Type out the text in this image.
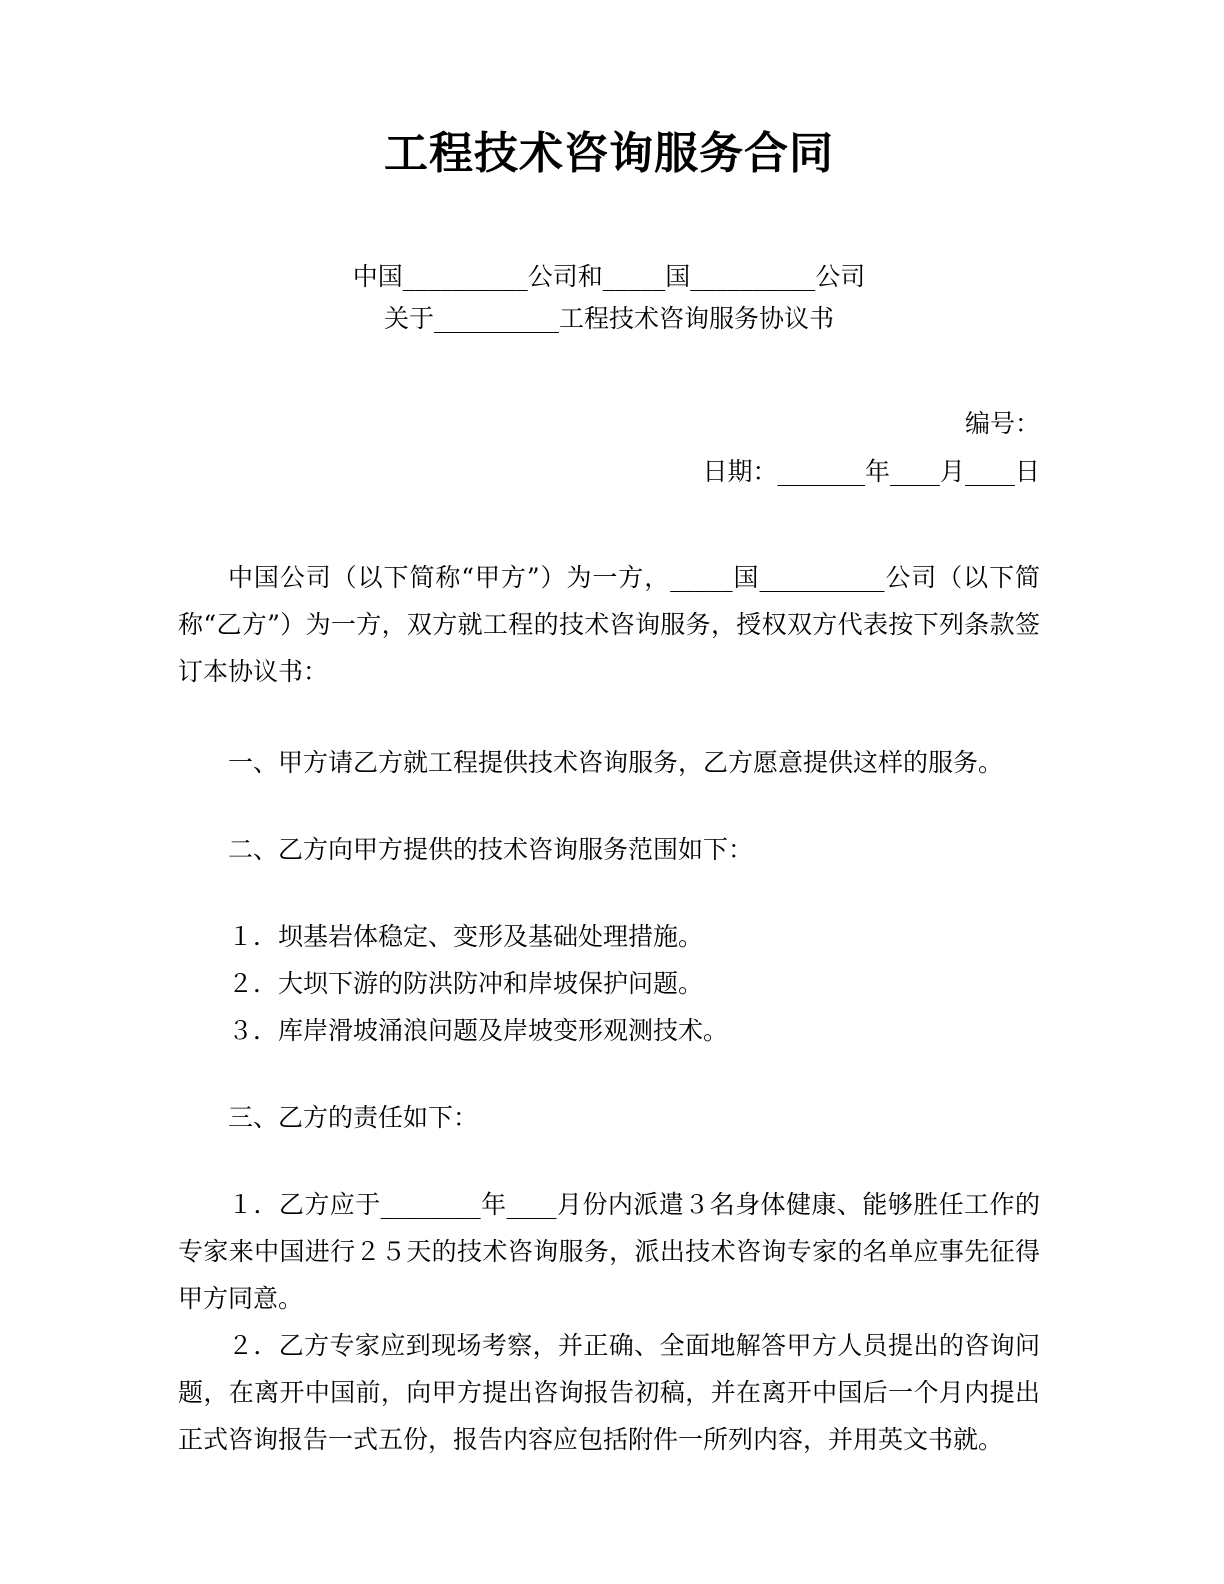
工程技术咨询服务合同
中国__________公司和_____国__________公司
关于__________工程技术咨询服务协议书
编号：
日期：_______年____月____日

中国公司（以下简称“甲方”）为一方，_____国__________公司（以下简称“乙方”）为一方，双方就工程的技术咨询服务，授权双方代表按下列条款签订本协议书：

一、甲方请乙方就工程提供技术咨询服务，乙方愿意提供这样的服务。

二、乙方向甲方提供的技术咨询服务范围如下：

１．坝基岩体稳定、变形及基础处理措施。

２．大坝下游的防洪防冲和岸坡保护问题。

３．库岸滑坡涌浪问题及岸坡变形观测技术。

三、乙方的责任如下：

１．乙方应于________年____月份内派遣３名身体健康、能够胜任工作的专家来中国进行２５天的技术咨询服务，派出技术咨询专家的名单应事先征得甲方同意。

２．乙方专家应到现场考察，并正确、全面地解答甲方人员提出的咨询问题，在离开中国前，向甲方提出咨询报告初稿，并在离开中国后一个月内提出正式咨询报告一式五份，报告内容应包括附件一所列内容，并用英文书就。
